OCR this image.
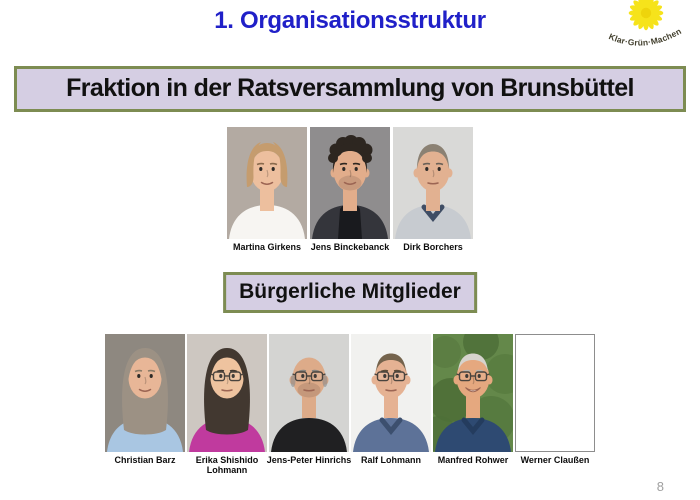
1. Organisationsstruktur
Klar·Grün·Machen
Fraktion in der Ratsversammlung von Brunsbüttel
Martina Girkens	Jens Binckebanck	Dirk Borchers
Bürgerliche Mitglieder
Christian Barz	Erika Shishido Lohmann
Jens-Peter Hinrichs	Ralf Lohmann	Manfred Rohwer	Werner Claußen
8
